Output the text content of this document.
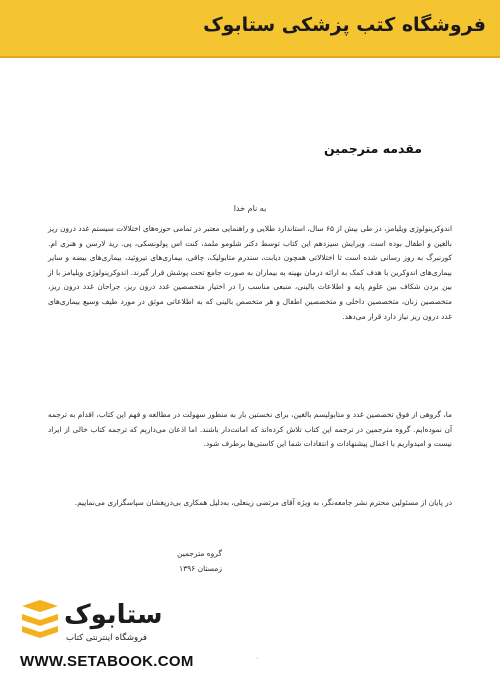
فروشگاه کتب پزشکی ستابوک
مقدمه مترجمین
به نام خدا

اندوکرینولوژی ویلیامز، در طی بیش از ۶۵ سال، استاندارد طلایی و راهنمایی معتبر در تمامی حوزه‌های اختلالات سیستم غدد درون ریز بالغین و اطفال بوده است. ویرایش سیزدهم این کتاب توسط دکتر شلومو ملمد، کنت اس پولونسکی، پی. رید لارسن و هنری ام. کورنبرگ به روز رسانی شده است تا اختلالاتی همچون دیابت، سندرم متابولیک، چاقی، بیماری‌های تیروئید، بیماری‌های بیضه و سایر بیماری‌های اندوکرین با هدف کمک به ارائه درمان بهینه به بیماران به صورت جامع تحت پوشش قرار گیرند. اندوکرینولوژی ویلیامز با از بین بردن شکاف بین علوم پایه و اطلاعات بالینی، منبعی مناسب را در اختیار متخصصین غدد درون ریز، جراحان غدد درون ریز، متخصصین زنان، متخصصین داخلی و متخصصین اطفال و هر متخصص بالینی که به اطلاعاتی موثق در مورد طیف وسیع بیماری‌های غدد درون ریز نیاز دارد قرار می‌دهد.

ما، گروهی از فوق تخصصین غدد و متابولیسم بالغین، برای نخستین بار به منظور سهولت در مطالعه و فهم این کتاب، اقدام به ترجمه آن نموده‌ایم. گروه مترجمین در ترجمه این کتاب تلاش کرده‌اند که امانت‌دار باشند. اما اذعان می‌داریم که ترجمه کتاب خالی از ایراد نیست و امیدواریم با اعمال پیشنهادات و انتقادات شما این کاستی‌ها برطرف شود.

در پایان از مسئولین محترم نشر جامعه‌نگر، به ویژه آقای مرتضی زینعلی، به‌دلیل همکاری بی‌دریغشان سپاسگزاری می‌نماییم.

گروه مترجمین
زمستان ۱۳۹۶
ستابوک
فروشگاه اینترنتی کتاب
WWW.SETABOOK.COM	·
